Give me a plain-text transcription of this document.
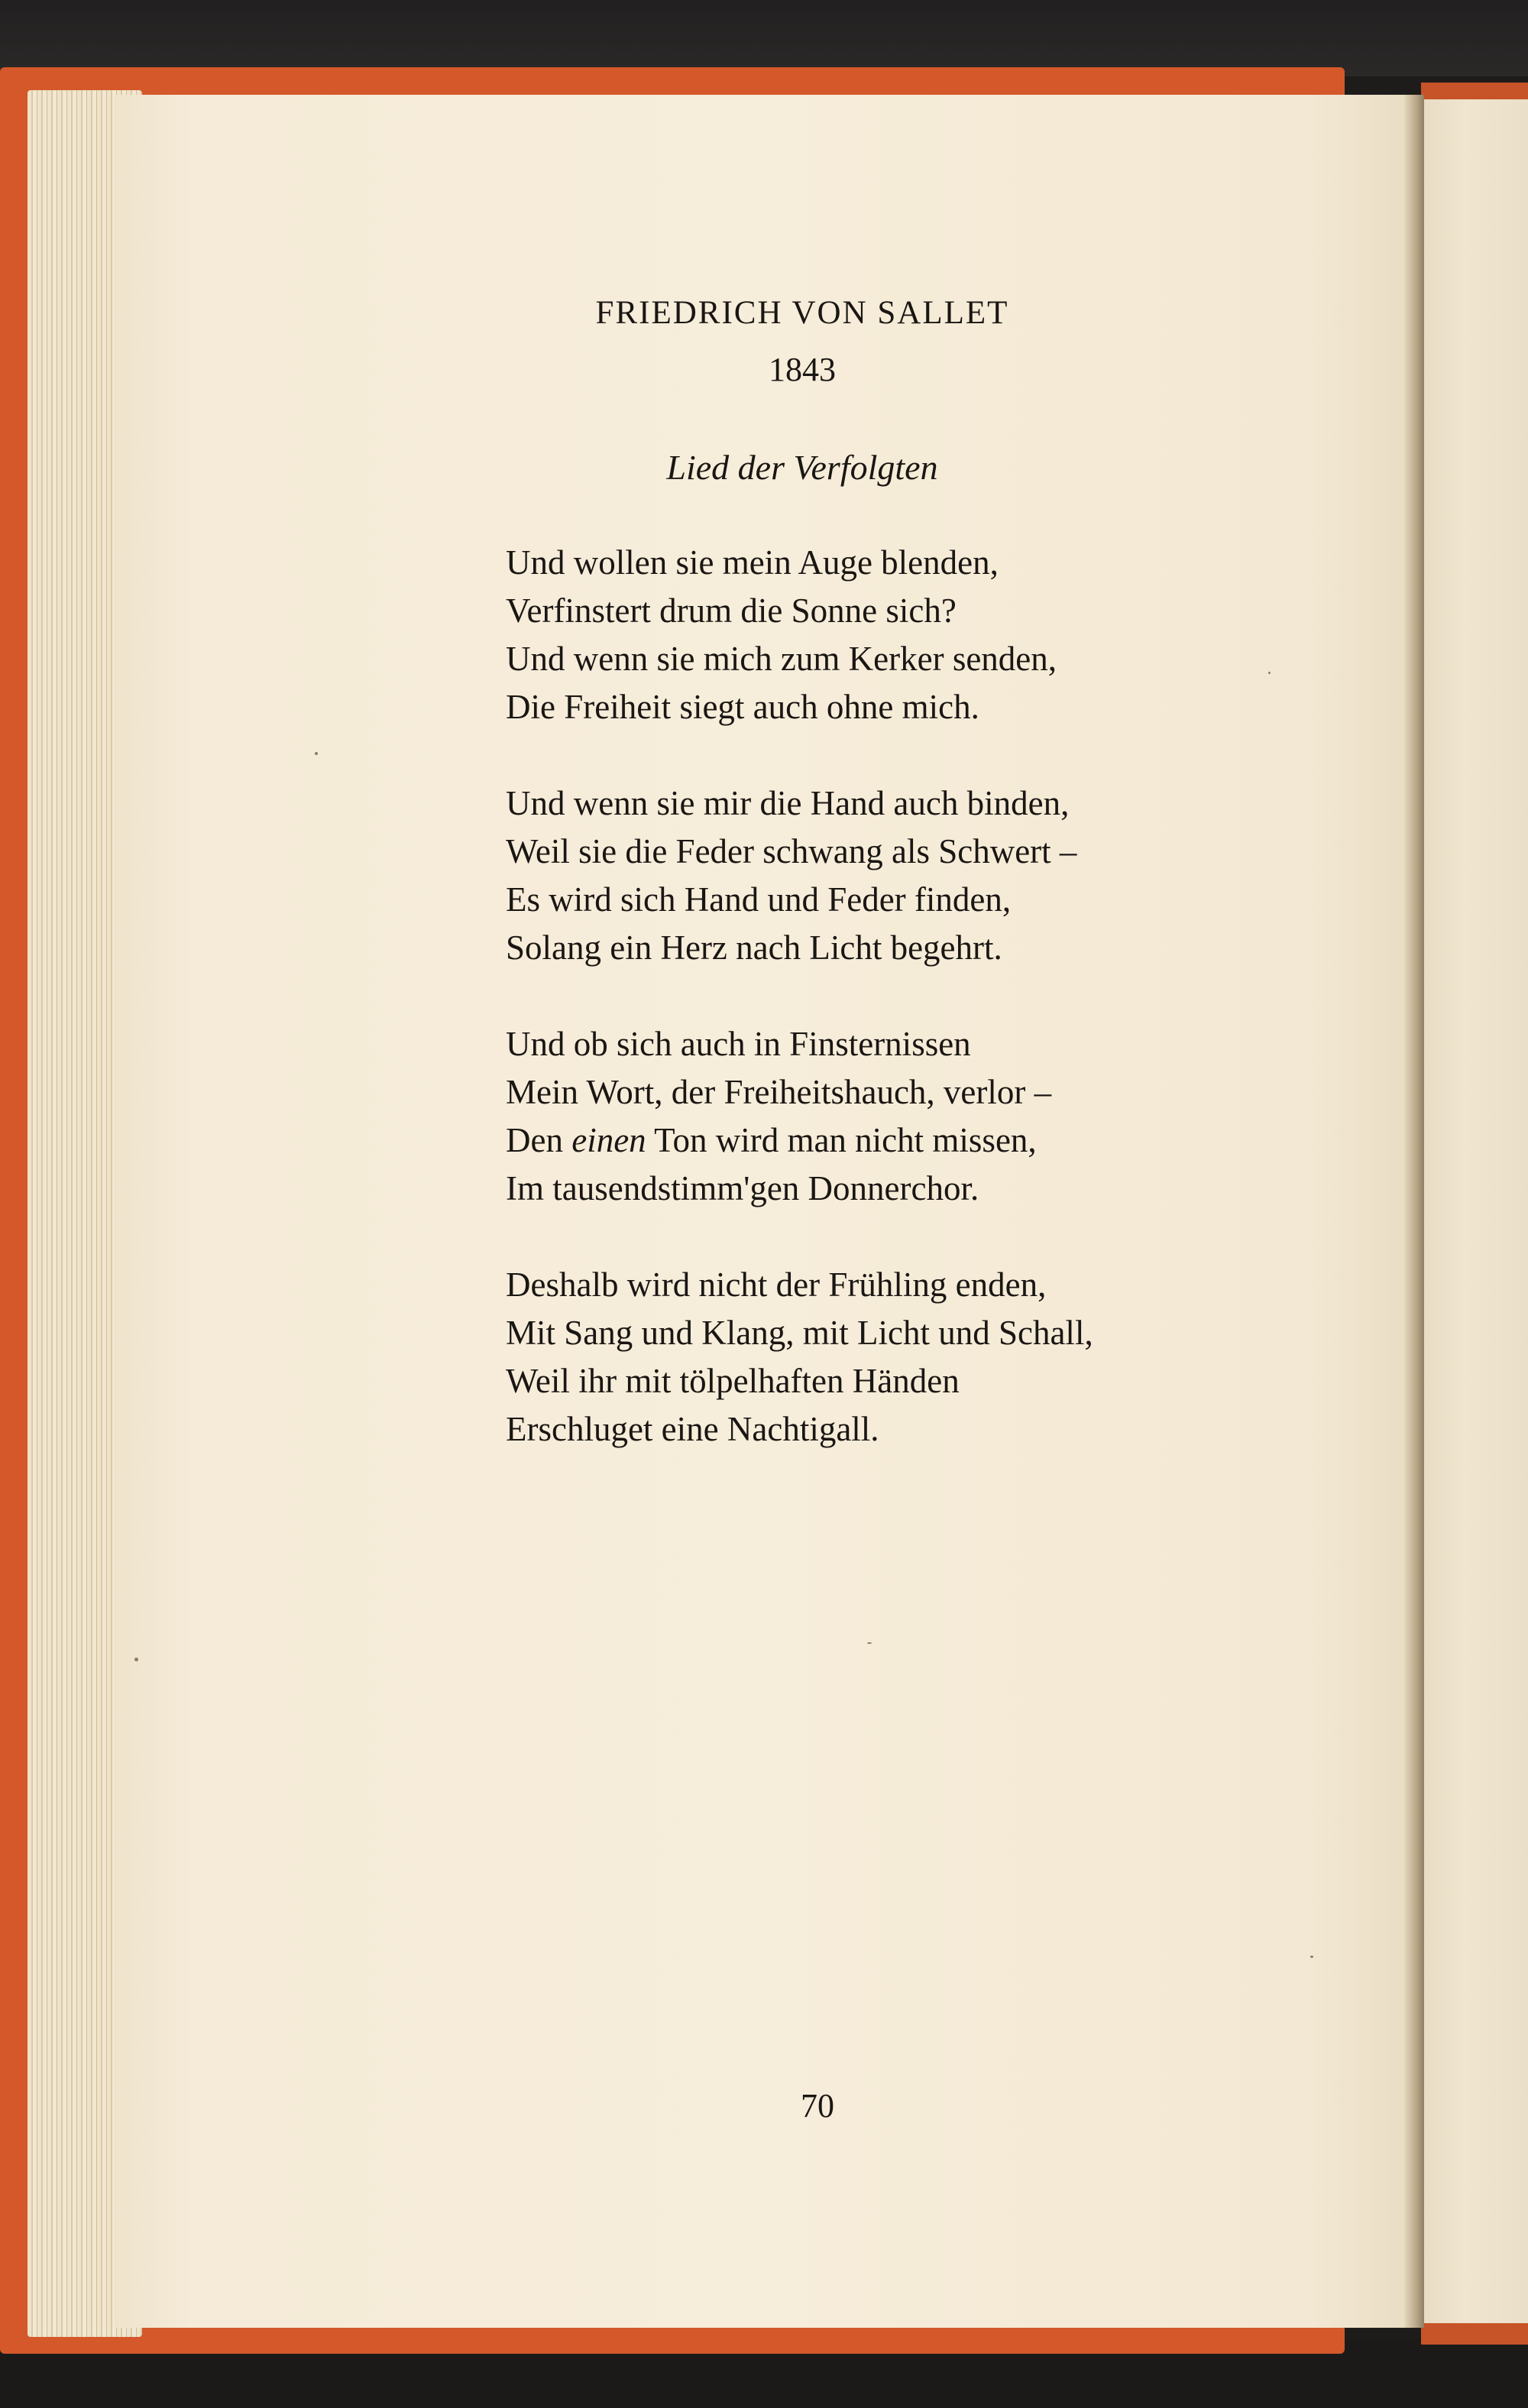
FRIEDRICH VON SALLET
1843
Lied der Verfolgten
Und wollen sie mein Auge blenden,
Verfinstert drum die Sonne sich?
Und wenn sie mich zum Kerker senden,
Die Freiheit siegt auch ohne mich.
Und wenn sie mir die Hand auch binden,
Weil sie die Feder schwang als Schwert –
Es wird sich Hand und Feder finden,
Solang ein Herz nach Licht begehrt.
Und ob sich auch in Finsternissen
Mein Wort, der Freiheitshauch, verlor –
Den einen Ton wird man nicht missen,
Im tausendstimm'gen Donnerchor.
Deshalb wird nicht der Frühling enden,
Mit Sang und Klang, mit Licht und Schall,
Weil ihr mit tölpelhaften Händen
Erschluget eine Nachtigall.
70
